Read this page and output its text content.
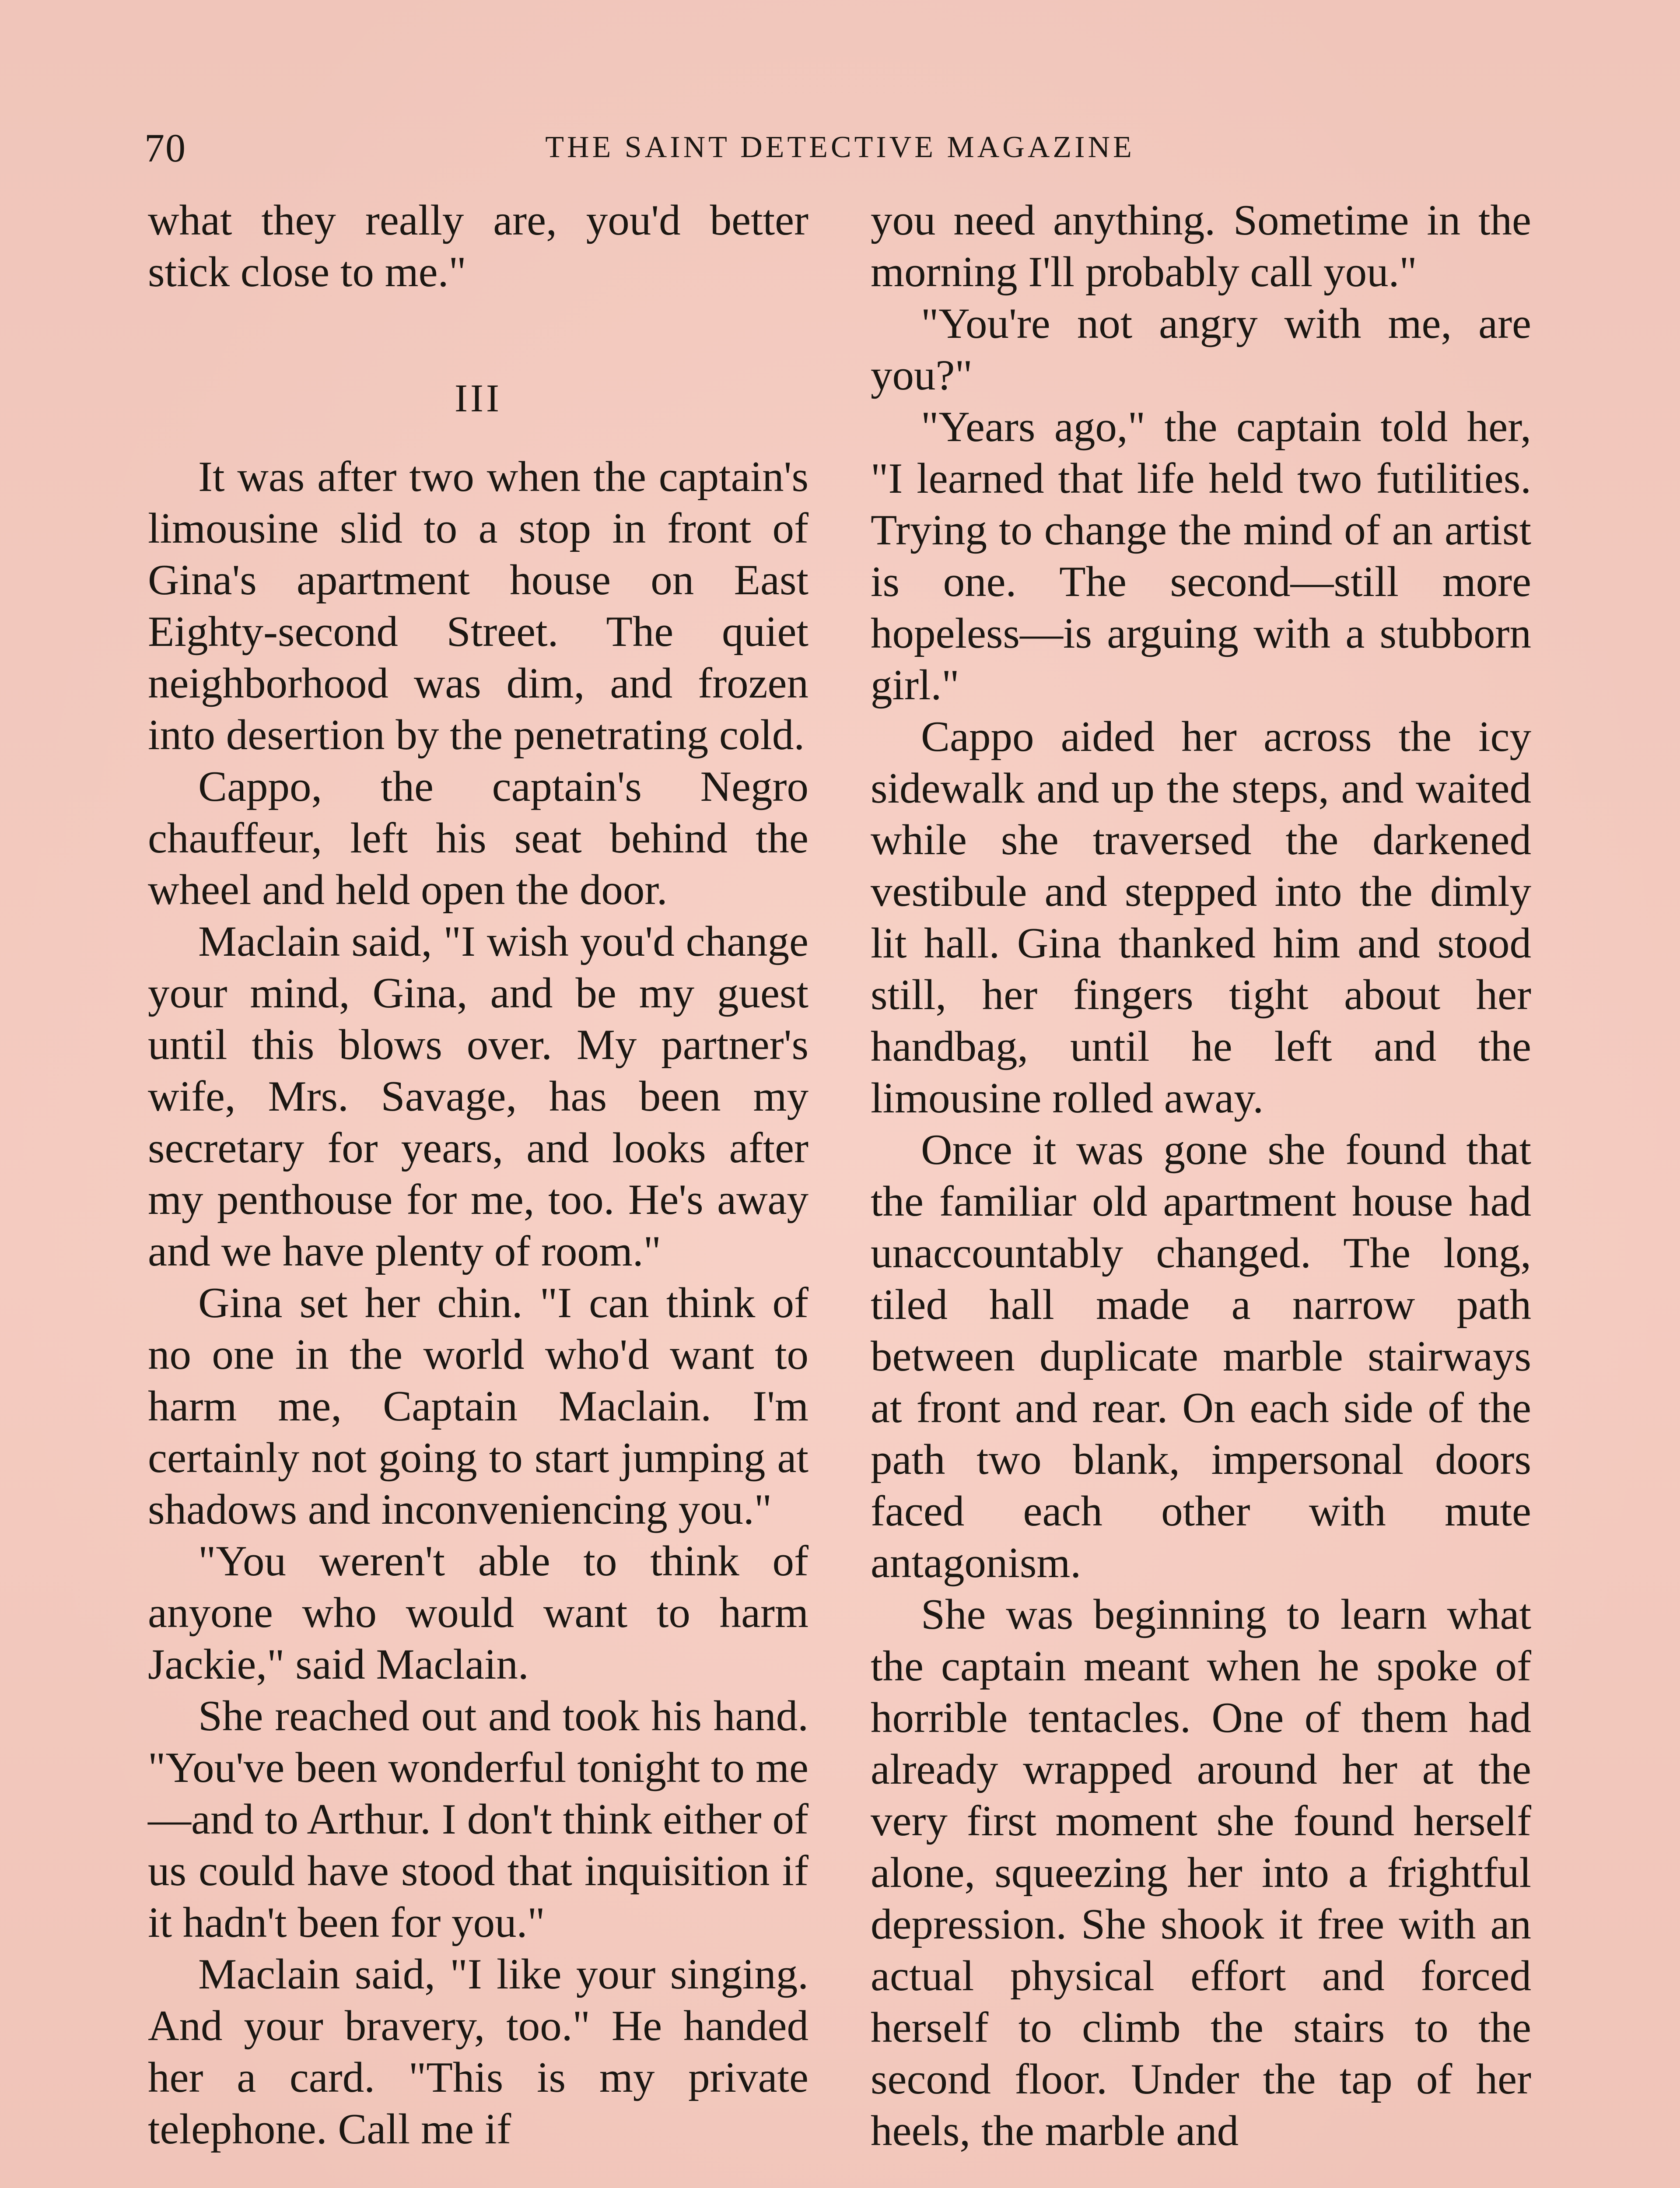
70	THE SAINT DETECTIVE MAGAZINE

what they really are, you'd better stick close to me."

III

It was after two when the captain's limousine slid to a stop in front of Gina's apartment house on East Eighty-second Street. The quiet neighborhood was dim, and frozen into desertion by the penetrating cold.

Cappo, the captain's Negro chauffeur, left his seat behind the wheel and held open the door.

Maclain said, "I wish you'd change your mind, Gina, and be my guest until this blows over. My partner's wife, Mrs. Savage, has been my secretary for years, and looks after my penthouse for me, too. He's away and we have plenty of room."

Gina set her chin. "I can think of no one in the world who'd want to harm me, Captain Maclain. I'm certainly not going to start jumping at shadows and inconveniencing you."

"You weren't able to think of anyone who would want to harm Jackie," said Maclain.

She reached out and took his hand. "You've been wonderful tonight to me—and to Arthur. I don't think either of us could have stood that inquisition if it hadn't been for you."

Maclain said, "I like your singing. And your bravery, too." He handed her a card. "This is my private telephone. Call me if

you need anything. Sometime in the morning I'll probably call you."

"You're not angry with me, are you?"

"Years ago," the captain told her, "I learned that life held two futilities. Trying to change the mind of an artist is one. The second—still more hopeless—is arguing with a stubborn girl."

Cappo aided her across the icy sidewalk and up the steps, and waited while she traversed the darkened vestibule and stepped into the dimly lit hall. Gina thanked him and stood still, her fingers tight about her handbag, until he left and the limousine rolled away.

Once it was gone she found that the familiar old apartment house had unaccountably changed. The long, tiled hall made a narrow path between duplicate marble stairways at front and rear. On each side of the path two blank, impersonal doors faced each other with mute antagonism.

She was beginning to learn what the captain meant when he spoke of horrible tentacles. One of them had already wrapped around her at the very first moment she found herself alone, squeezing her into a frightful depression. She shook it free with an actual physical effort and forced herself to climb the stairs to the second floor. Under the tap of her heels, the marble and
